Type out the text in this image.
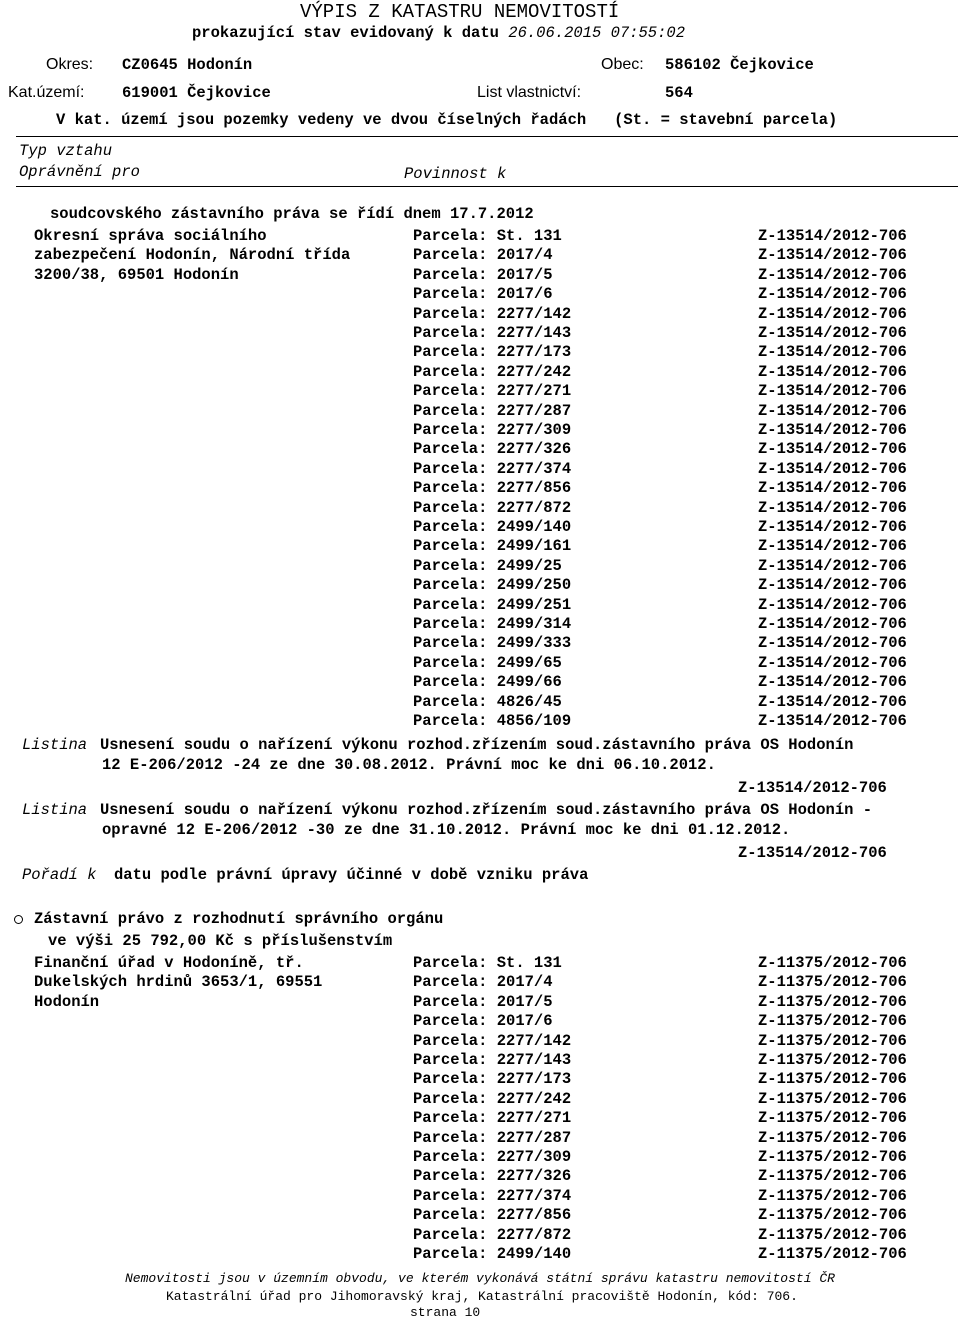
VÝPIS Z KATASTRU NEMOVITOSTÍ
prokazující stav evidovaný k datu 26.06.2015 07:55:02
Okres: CZ0645 Hodonín	Obec: 586102 Čejkovice
Kat.území: 619001 Čejkovice	List vlastnictví:	564
V kat. území jsou pozemky vedeny ve dvou číselných řadách   (St. = stavební parcela)
Typ vztahu
Oprávnění pro	Povinnost k
soudcovského zástavního práva se řídí dnem 17.7.2012
Okresní správa sociálního
zabezpečení Hodonín, Národní třída
3200/38, 69501 Hodonín
Parcela: St. 131	Z-13514/2012-706
Parcela: 2017/4	Z-13514/2012-706
Parcela: 2017/5	Z-13514/2012-706
Parcela: 2017/6	Z-13514/2012-706
Parcela: 2277/142	Z-13514/2012-706
Parcela: 2277/143	Z-13514/2012-706
Parcela: 2277/173	Z-13514/2012-706
Parcela: 2277/242	Z-13514/2012-706
Parcela: 2277/271	Z-13514/2012-706
Parcela: 2277/287	Z-13514/2012-706
Parcela: 2277/309	Z-13514/2012-706
Parcela: 2277/326	Z-13514/2012-706
Parcela: 2277/374	Z-13514/2012-706
Parcela: 2277/856	Z-13514/2012-706
Parcela: 2277/872	Z-13514/2012-706
Parcela: 2499/140	Z-13514/2012-706
Parcela: 2499/161	Z-13514/2012-706
Parcela: 2499/25	Z-13514/2012-706
Parcela: 2499/250	Z-13514/2012-706
Parcela: 2499/251	Z-13514/2012-706
Parcela: 2499/314	Z-13514/2012-706
Parcela: 2499/333	Z-13514/2012-706
Parcela: 2499/65	Z-13514/2012-706
Parcela: 2499/66	Z-13514/2012-706
Parcela: 4826/45	Z-13514/2012-706
Parcela: 4856/109	Z-13514/2012-706
Listina Usnesení soudu o nařízení výkonu rozhod.zřízením soud.zástavního práva OS Hodonín
12 E-206/2012 -24 ze dne 30.08.2012. Právní moc ke dni 06.10.2012.
Z-13514/2012-706
Listina Usnesení soudu o nařízení výkonu rozhod.zřízením soud.zástavního práva OS Hodonín -
opravné 12 E-206/2012 -30 ze dne 31.10.2012. Právní moc ke dni 01.12.2012.
Z-13514/2012-706
Pořadí k datu podle právní úpravy účinné v době vzniku práva
Zástavní právo z rozhodnutí správního orgánu
ve výši 25 792,00 Kč s příslušenstvím
Finanční úřad v Hodoníně, tř.
Dukelských hrdinů 3653/1, 69551
Hodonín
Parcela: St. 131	Z-11375/2012-706
Parcela: 2017/4	Z-11375/2012-706
Parcela: 2017/5	Z-11375/2012-706
Parcela: 2017/6	Z-11375/2012-706
Parcela: 2277/142	Z-11375/2012-706
Parcela: 2277/143	Z-11375/2012-706
Parcela: 2277/173	Z-11375/2012-706
Parcela: 2277/242	Z-11375/2012-706
Parcela: 2277/271	Z-11375/2012-706
Parcela: 2277/287	Z-11375/2012-706
Parcela: 2277/309	Z-11375/2012-706
Parcela: 2277/326	Z-11375/2012-706
Parcela: 2277/374	Z-11375/2012-706
Parcela: 2277/856	Z-11375/2012-706
Parcela: 2277/872	Z-11375/2012-706
Parcela: 2499/140	Z-11375/2012-706
Nemovitosti jsou v územním obvodu, ve kterém vykonává státní správu katastru nemovitostí ČR
Katastrální úřad pro Jihomoravský kraj, Katastrální pracoviště Hodonín, kód: 706.
strana 10
